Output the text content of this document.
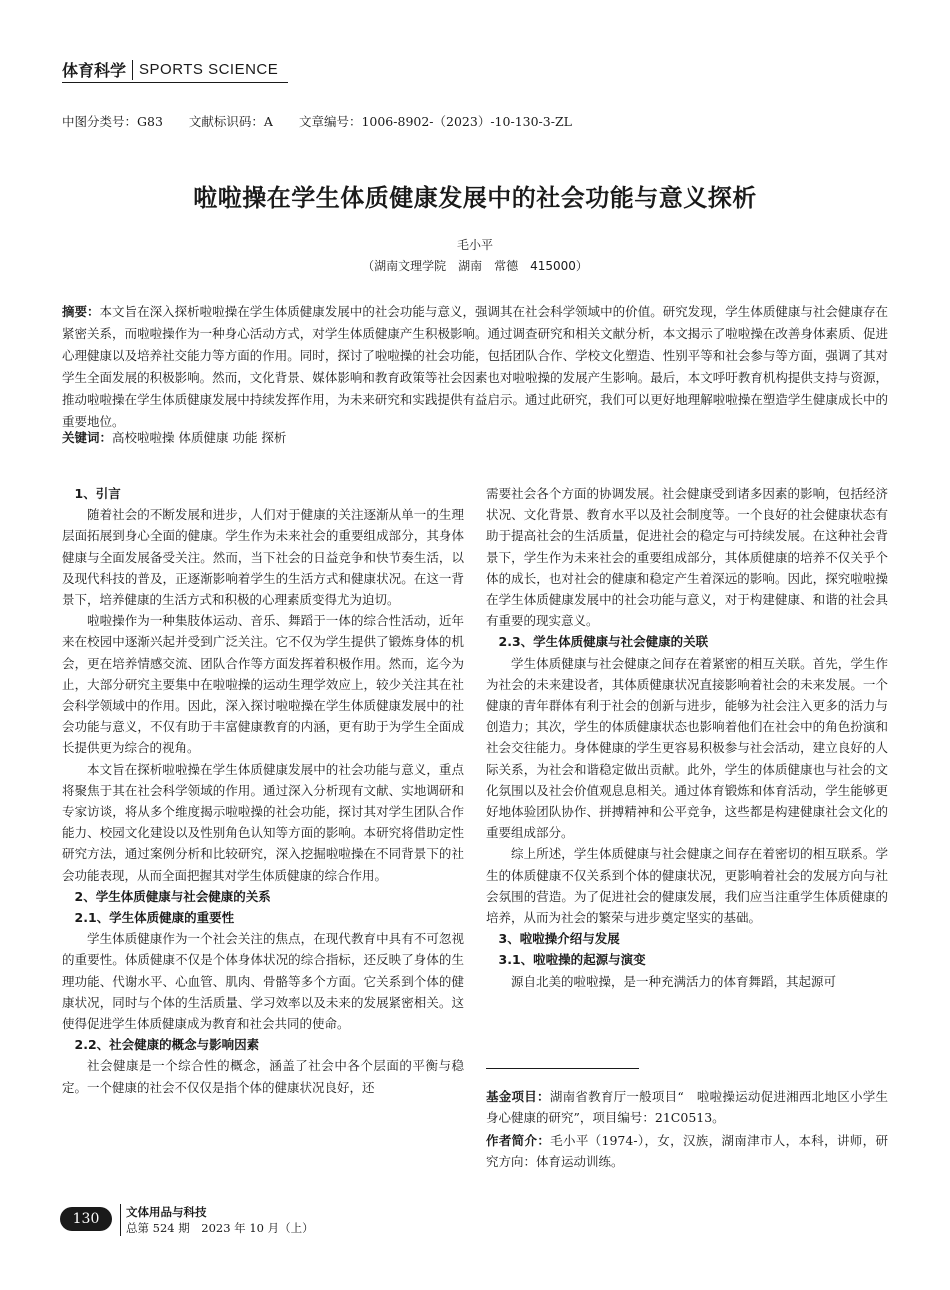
体育科学 SPORTS SCIENCE
中图分类号：G83 文献标识码：A 文章编号：1006-8902-（2023）-10-130-3-ZL
啦啦操在学生体质健康发展中的社会功能与意义探析
毛小平
（湖南文理学院　湖南　常德　415000）

摘要：本文旨在深入探析啦啦操在学生体质健康发展中的社会功能与意义，强调其在社会科学领域中的价值。研究发现，学生体质健康与社会健康存在紧密关系，而啦啦操作为一种身心活动方式，对学生体质健康产生积极影响。通过调查研究和相关文献分析，本文揭示了啦啦操在改善身体素质、促进心理健康以及培养社交能力等方面的作用。同时，探讨了啦啦操的社会功能，包括团队合作、学校文化塑造、性别平等和社会参与等方面，强调了其对学生全面发展的积极影响。然而，文化背景、媒体影响和教育政策等社会因素也对啦啦操的发展产生影响。最后，本文呼吁教育机构提供支持与资源，推动啦啦操在学生体质健康发展中持续发挥作用，为未来研究和实践提供有益启示。通过此研究，我们可以更好地理解啦啦操在塑造学生健康成长中的重要地位。

关键词：高校啦啦操 体质健康 功能 探析

1、引言

随着社会的不断发展和进步，人们对于健康的关注逐渐从单一的生理层面拓展到身心全面的健康。学生作为未来社会的重要组成部分，其身体健康与全面发展备受关注。然而，当下社会的日益竞争和快节奏生活，以及现代科技的普及，正逐渐影响着学生的生活方式和健康状况。在这一背景下，培养健康的生活方式和积极的心理素质变得尤为迫切。

啦啦操作为一种集肢体运动、音乐、舞蹈于一体的综合性活动，近年来在校园中逐渐兴起并受到广泛关注。它不仅为学生提供了锻炼身体的机会，更在培养情感交流、团队合作等方面发挥着积极作用。然而，迄今为止，大部分研究主要集中在啦啦操的运动生理学效应上，较少关注其在社会科学领域中的作用。因此，深入探讨啦啦操在学生体质健康发展中的社会功能与意义，不仅有助于丰富健康教育的内涵，更有助于为学生全面成长提供更为综合的视角。

本文旨在探析啦啦操在学生体质健康发展中的社会功能与意义，重点将聚焦于其在社会科学领域的作用。通过深入分析现有文献、实地调研和专家访谈，将从多个维度揭示啦啦操的社会功能，探讨其对学生团队合作能力、校园文化建设以及性别角色认知等方面的影响。本研究将借助定性研究方法，通过案例分析和比较研究，深入挖掘啦啦操在不同背景下的社会功能表现，从而全面把握其对学生体质健康的综合作用。

2、学生体质健康与社会健康的关系

2.1、学生体质健康的重要性

学生体质健康作为一个社会关注的焦点，在现代教育中具有不可忽视的重要性。体质健康不仅是个体身体状况的综合指标，还反映了身体的生理功能、代谢水平、心血管、肌肉、骨骼等多个方面。它关系到个体的健康状况，同时与个体的生活质量、学习效率以及未来的发展紧密相关。这使得促进学生体质健康成为教育和社会共同的使命。

2.2、社会健康的概念与影响因素

社会健康是一个综合性的概念，涵盖了社会中各个层面的平衡与稳定。一个健康的社会不仅仅是指个体的健康状况良好，还

需要社会各个方面的协调发展。社会健康受到诸多因素的影响，包括经济状况、文化背景、教育水平以及社会制度等。一个良好的社会健康状态有助于提高社会的生活质量，促进社会的稳定与可持续发展。在这种社会背景下，学生作为未来社会的重要组成部分，其体质健康的培养不仅关乎个体的成长，也对社会的健康和稳定产生着深远的影响。因此，探究啦啦操在学生体质健康发展中的社会功能与意义，对于构建健康、和谐的社会具有重要的现实意义。

2.3、学生体质健康与社会健康的关联

学生体质健康与社会健康之间存在着紧密的相互关联。首先，学生作为社会的未来建设者，其体质健康状况直接影响着社会的未来发展。一个健康的青年群体有利于社会的创新与进步，能够为社会注入更多的活力与创造力；其次，学生的体质健康状态也影响着他们在社会中的角色扮演和社会交往能力。身体健康的学生更容易积极参与社会活动，建立良好的人际关系，为社会和谐稳定做出贡献。此外，学生的体质健康也与社会的文化氛围以及社会价值观息息相关。通过体育锻炼和体育活动，学生能够更好地体验团队协作、拼搏精神和公平竞争，这些都是构建健康社会文化的重要组成部分。

综上所述，学生体质健康与社会健康之间存在着密切的相互联系。学生的体质健康不仅关系到个体的健康状况，更影响着社会的发展方向与社会氛围的营造。为了促进社会的健康发展，我们应当注重学生体质健康的培养，从而为社会的繁荣与进步奠定坚实的基础。

3、啦啦操介绍与发展

3.1、啦啦操的起源与演变

源自北美的啦啦操，是一种充满活力的体育舞蹈，其起源可

基金项目：湖南省教育厅一般项目“　啦啦操运动促进湘西北地区小学生身心健康的研究”，项目编号：21C0513。

作者简介：毛小平（1974-），女，汉族，湖南津市人，本科，讲师，研究方向：体育运动训练。

130	文体用品与科技
总第 524 期　2023 年 10 月（上）
